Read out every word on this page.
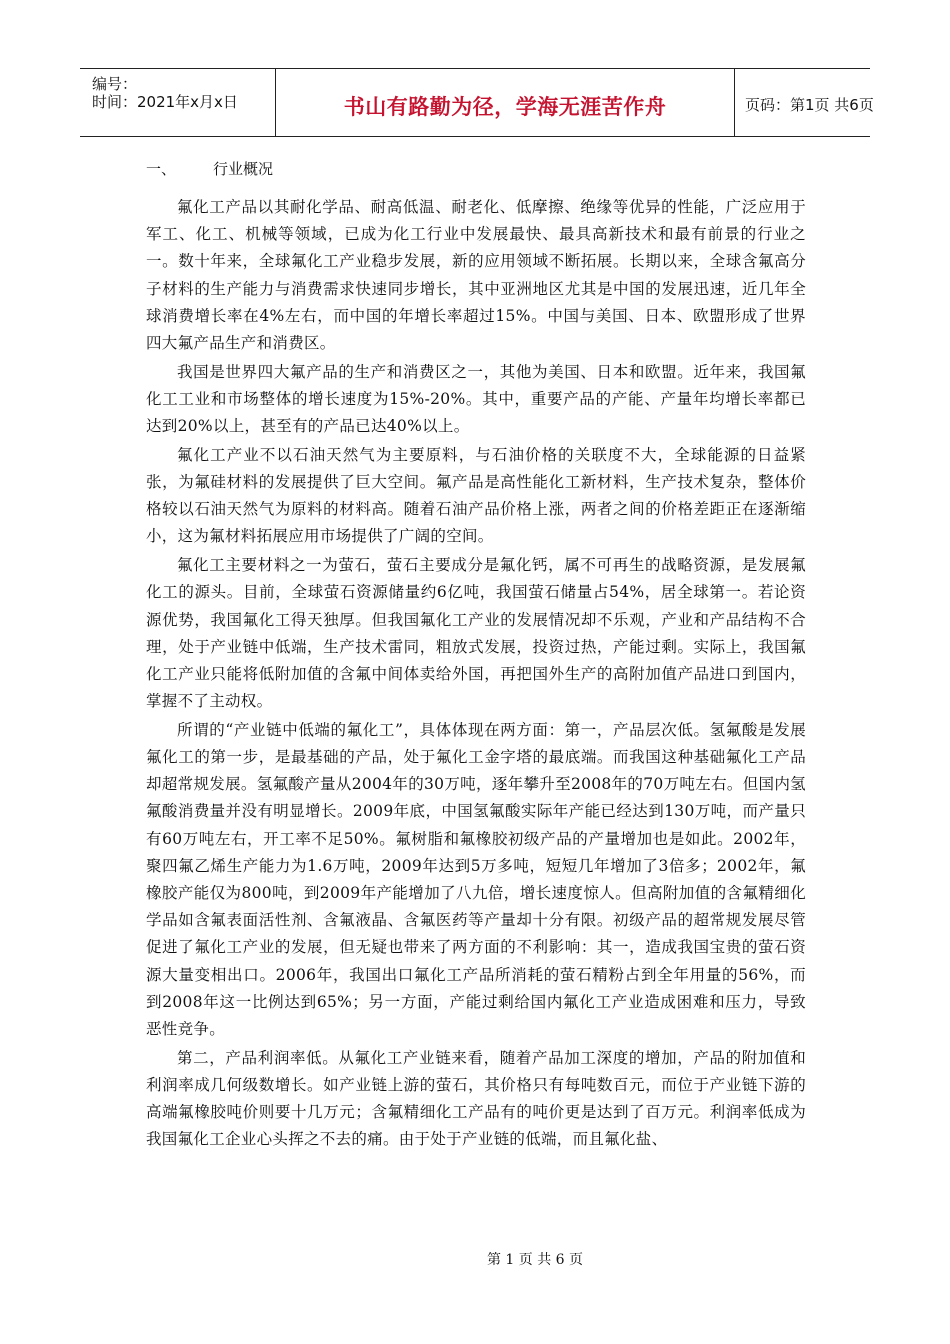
编号：
时间：2021年x月x日	书山有路勤为径，学海无涯苦作舟	页码：第1页 共6页
一、 行业概况

氟化工产品以其耐化学品、耐高低温、耐老化、低摩擦、绝缘等优异的性能，广泛应用于军工、化工、机械等领域，已成为化工行业中发展最快、最具高新技术和最有前景的行业之一。数十年来，全球氟化工产业稳步发展，新的应用领域不断拓展。长期以来，全球含氟高分子材料的生产能力与消费需求快速同步增长，其中亚洲地区尤其是中国的发展迅速，近几年全球消费增长率在4%左右，而中国的年增长率超过15%。中国与美国、日本、欧盟形成了世界四大氟产品生产和消费区。

我国是世界四大氟产品的生产和消费区之一，其他为美国、日本和欧盟。近年来，我国氟化工工业和市场整体的增长速度为15%-20%。其中，重要产品的产能、产量年均增长率都已达到20%以上，甚至有的产品已达40%以上。

氟化工产业不以石油天然气为主要原料，与石油价格的关联度不大，全球能源的日益紧张，为氟硅材料的发展提供了巨大空间。氟产品是高性能化工新材料，生产技术复杂，整体价格较以石油天然气为原料的材料高。随着石油产品价格上涨，两者之间的价格差距正在逐渐缩小，这为氟材料拓展应用市场提供了广阔的空间。

氟化工主要材料之一为萤石，萤石主要成分是氟化钙，属不可再生的战略资源，是发展氟化工的源头。目前，全球萤石资源储量约6亿吨，我国萤石储量占54%，居全球第一。若论资源优势，我国氟化工得天独厚。但我国氟化工产业的发展情况却不乐观，产业和产品结构不合理，处于产业链中低端，生产技术雷同，粗放式发展，投资过热，产能过剩。实际上，我国氟化工产业只能将低附加值的含氟中间体卖给外国，再把国外生产的高附加值产品进口到国内，掌握不了主动权。

所谓的“产业链中低端的氟化工”，具体体现在两方面：第一，产品层次低。氢氟酸是发展氟化工的第一步，是最基础的产品，处于氟化工金字塔的最底端。而我国这种基础氟化工产品却超常规发展。氢氟酸产量从2004年的30万吨，逐年攀升至2008年的70万吨左右。但国内氢氟酸消费量并没有明显增长。2009年底，中国氢氟酸实际年产能已经达到130万吨，而产量只有60万吨左右，开工率不足50%。氟树脂和氟橡胶初级产品的产量增加也是如此。2002年，聚四氟乙烯生产能力为1.6万吨，2009年达到5万多吨，短短几年增加了3倍多；2002年，氟橡胶产能仅为800吨，到2009年产能增加了八九倍，增长速度惊人。但高附加值的含氟精细化学品如含氟表面活性剂、含氟液晶、含氟医药等产量却十分有限。初级产品的超常规发展尽管促进了氟化工产业的发展，但无疑也带来了两方面的不利影响：其一，造成我国宝贵的萤石资源大量变相出口。2006年，我国出口氟化工产品所消耗的萤石精粉占到全年用量的56%，而到2008年这一比例达到65%；另一方面，产能过剩给国内氟化工产业造成困难和压力，导致恶性竞争。

第二，产品利润率低。从氟化工产业链来看，随着产品加工深度的增加，产品的附加值和利润率成几何级数增长。如产业链上游的萤石，其价格只有每吨数百元，而位于产业链下游的高端氟橡胶吨价则要十几万元；含氟精细化工产品有的吨价更是达到了百万元。利润率低成为我国氟化工企业心头挥之不去的痛。由于处于产业链的低端，而且氟化盐、

第 1 页 共 6 页
